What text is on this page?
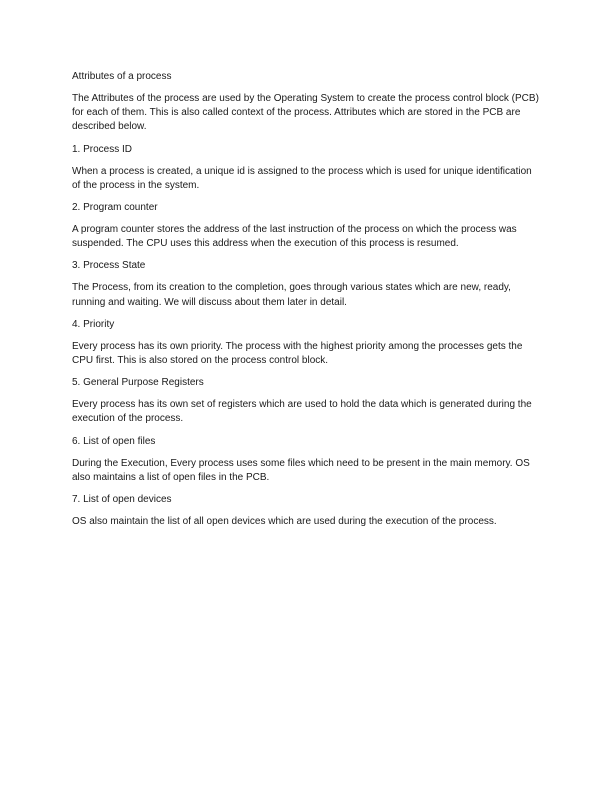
Attributes of a process

The Attributes of the process are used by the Operating System to create the process control block (PCB) for each of them. This is also called context of the process. Attributes which are stored in the PCB are described below.

1. Process ID

When a process is created, a unique id is assigned to the process which is used for unique identification of the process in the system.

2. Program counter

A program counter stores the address of the last instruction of the process on which the process was suspended. The CPU uses this address when the execution of this process is resumed.

3. Process State

The Process, from its creation to the completion, goes through various states which are new, ready, running and waiting. We will discuss about them later in detail.

4. Priority

Every process has its own priority. The process with the highest priority among the processes gets the CPU first. This is also stored on the process control block.

5. General Purpose Registers

Every process has its own set of registers which are used to hold the data which is generated during the execution of the process.

6. List of open files

During the Execution, Every process uses some files which need to be present in the main memory. OS also maintains a list of open files in the PCB.

7. List of open devices

OS also maintain the list of all open devices which are used during the execution of the process.
